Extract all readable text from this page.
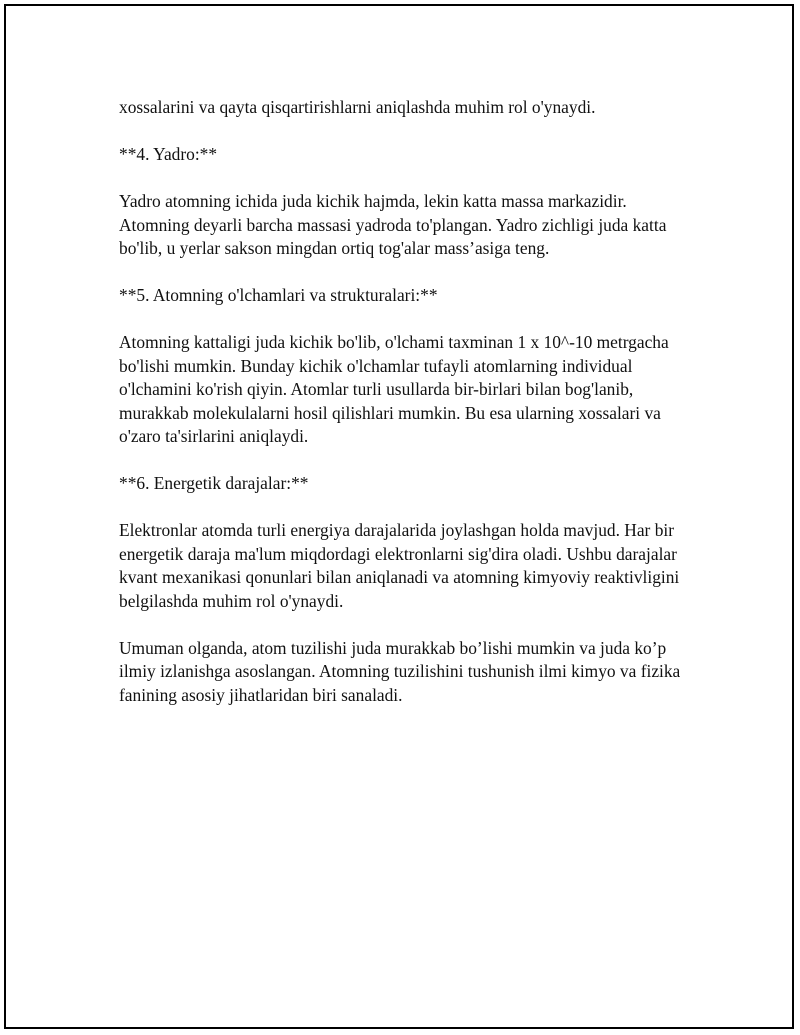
xossalarini va qayta qisqartirishlarni aniqlashda muhim rol o'ynaydi.

**4. Yadro:**

Yadro atomning ichida juda kichik hajmda, lekin katta massa markazidir. Atomning deyarli barcha massasi yadroda to'plangan. Yadro zichligi juda katta bo'lib, u yerlar sakson mingdan ortiq tog'alar mass’asiga teng.

**5. Atomning o'lchamlari va strukturalari:**

Atomning kattaligi juda kichik bo'lib, o'lchami taxminan 1 x 10^-10 metrgacha bo'lishi mumkin. Bunday kichik o'lchamlar tufayli atomlarning individual o'lchamini ko'rish qiyin. Atomlar turli usullarda bir-birlari bilan bog'lanib, murakkab molekulalarni hosil qilishlari mumkin. Bu esa ularning xossalari va o'zaro ta'sirlarini aniqlaydi.

**6. Energetik darajalar:**

Elektronlar atomda turli energiya darajalarida joylashgan holda mavjud. Har bir energetik daraja ma'lum miqdordagi elektronlarni sig'dira oladi. Ushbu darajalar kvant mexanikasi qonunlari bilan aniqlanadi va atomning kimyoviy reaktivligini belgilashda muhim rol o'ynaydi.

Umuman olganda, atom tuzilishi juda murakkab bo’lishi mumkin va juda ko’p ilmiy izlanishga asoslangan. Atomning tuzilishini tushunish ilmi kimyo va fizika fanining asosiy jihatlaridan biri sanaladi.
